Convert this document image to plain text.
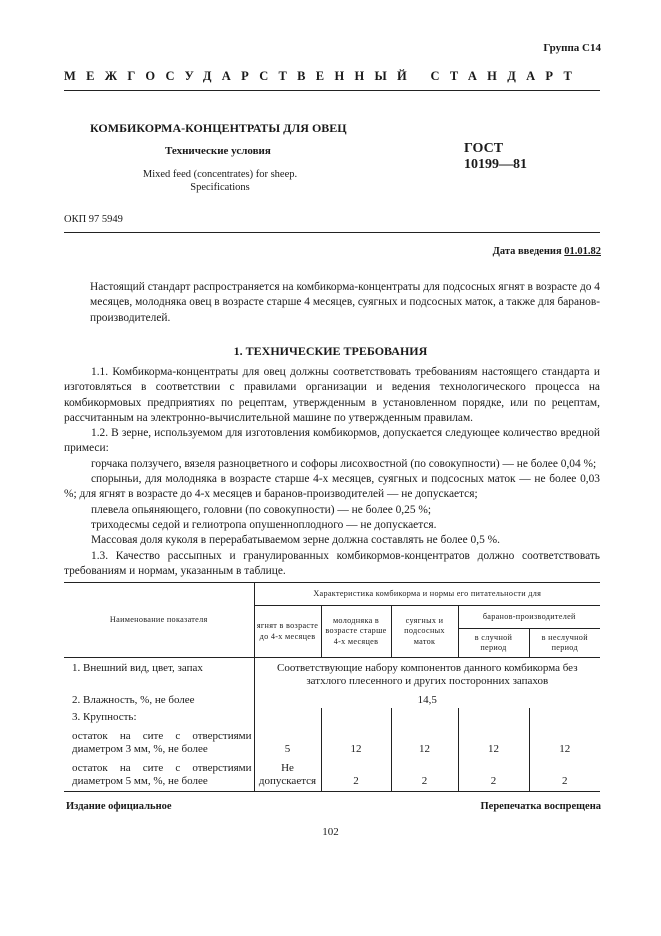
Группа С14
МЕЖГОСУДАРСТВЕННЫЙ СТАНДАРТ
КОМБИКОРМА-КОНЦЕНТРАТЫ ДЛЯ ОВЕЦ
Технические условия
Mixed feed (concentrates) for sheep.
Specifications
ГОСТ
10199—81
ОКП 97 5949
Дата введения 01.01.82
Настоящий стандарт распространяется на комбикорма-концентраты для подсосных ягнят в возрасте до 4 месяцев, молодняка овец в возрасте старше 4 месяцев, суягных и подсосных маток, а также для баранов-производителей.
1. ТЕХНИЧЕСКИЕ ТРЕБОВАНИЯ
1.1. Комбикорма-концентраты для овец должны соответствовать требованиям настоящего стандарта и изготовляться в соответствии с правилами организации и ведения технологического процесса на комбикормовых предприятиях по рецептам, утвержденным в установленном порядке, или по рецептам, рассчитанным на электронно-вычислительной машине по утвержденным правилам.
1.2. В зерне, используемом для изготовления комбикормов, допускается следующее количество вредной примеси:
горчака ползучего, вязеля разноцветного и софоры лисохвостной (по совокупности) — не более 0,04 %;
спорыньи, для молодняка в возрасте старше 4-х месяцев, суягных и подсосных маток — не более 0,03 %; для ягнят в возрасте до 4-х месяцев и баранов-производителей — не допускается;
плевела опьяняющего, головни (по совокупности) — не более 0,25 %;
триходесмы седой и гелиотропа опушенноплодного — не допускается.
Массовая доля куколя в перерабатываемом зерне должна составлять не более 0,5 %.
1.3. Качество рассыпных и гранулированных комбикормов-концентратов должно соответствовать требованиям и нормам, указанным в таблице.
Наименование показателя	Характеристика комбикорма и нормы его питательности для				
	ягнят в возрасте до 4-х месяцев	молодняка в возрасте старше 4-х месяцев	суягных и подсосных маток	баранов-производителей	
				в случной период	в неслучной период
1. Внешний вид, цвет, запах	Соответствующие набору компонентов данного комбикорма без затхлого плесенного и других посторонних запахов				
2. Влажность, %, не более	14,5				
3. Крупность:					
остаток на сите с отверстиями диаметром 3 мм, %, не более	5	12	12	12	12
остаток на сите с отверстиями диаметром 5 мм, %, не более	Не допускается	2	2	2	2
Издание официальное	Перепечатка воспрещена
102
